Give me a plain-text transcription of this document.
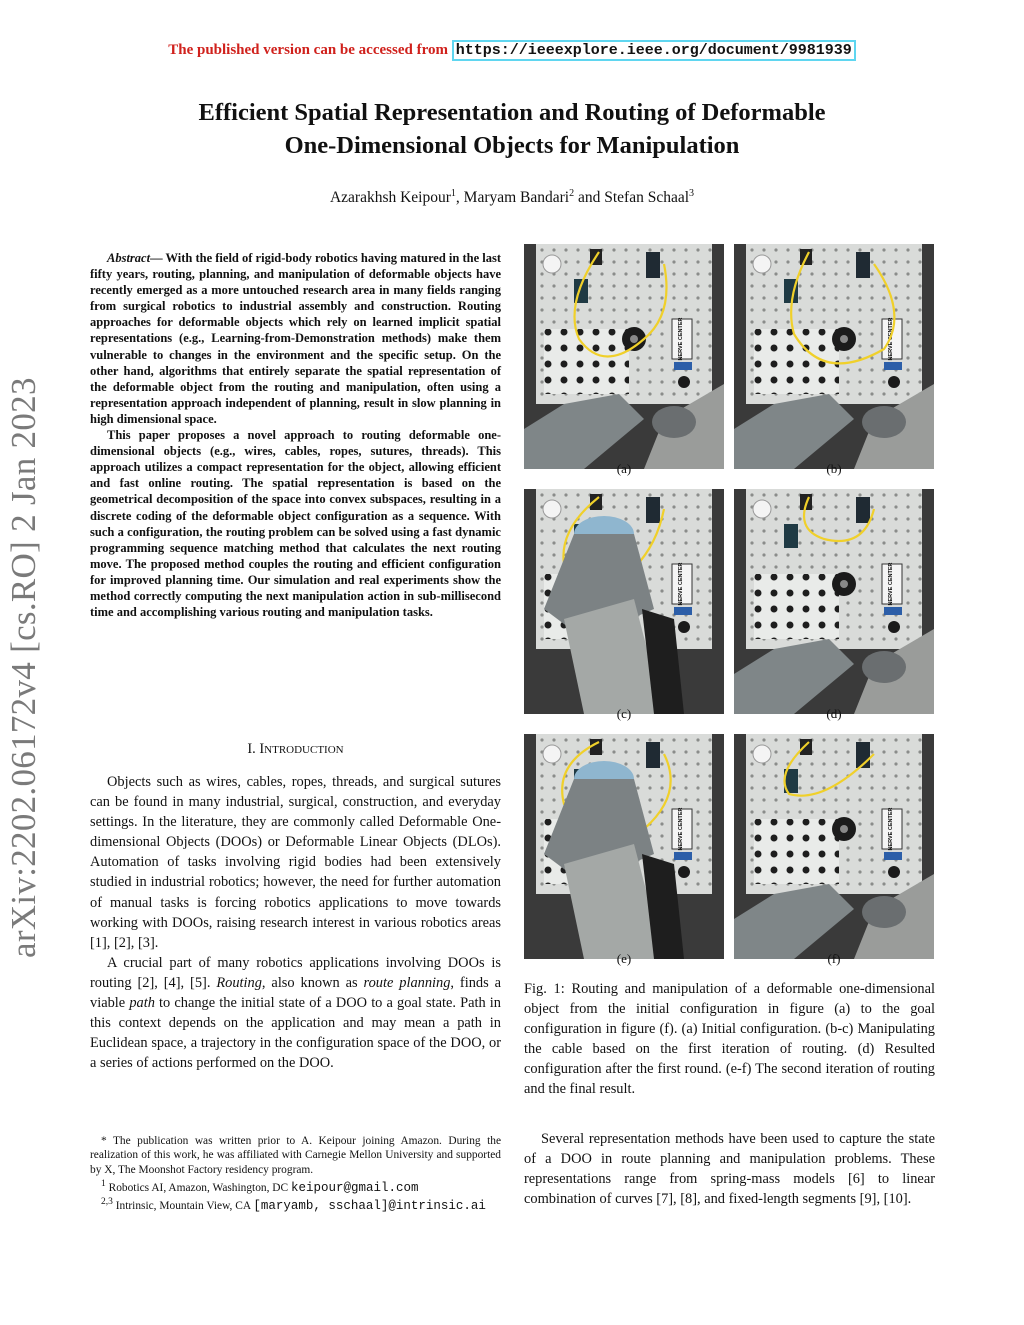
The published version can be accessed from https://ieeexplore.ieee.org/document/9981939
Efficient Spatial Representation and Routing of Deformable
One-Dimensional Objects for Manipulation
Azarakhsh Keipour$^1$, Maryam Bandari$^2$ and Stefan Schaal$^3$
arXiv:2202.06172v4 [cs.RO] 2 Jan 2023

Abstract— With the field of rigid-body robotics having matured in the last fifty years, routing, planning, and manipulation of deformable objects have recently emerged as a more untouched research area in many fields ranging from surgical robotics to industrial assembly and construction. Routing approaches for deformable objects which rely on learned implicit spatial representations (e.g., Learning-from-Demonstration methods) make them vulnerable to changes in the environment and the specific setup. On the other hand, algorithms that entirely separate the spatial representation of the deformable object from the routing and manipulation, often using a representation approach independent of planning, result in slow planning in high dimensional space.

This paper proposes a novel approach to routing deformable one-dimensional objects (e.g., wires, cables, ropes, sutures, threads). This approach utilizes a compact representation for the object, allowing efficient and fast online routing. The spatial representation is based on the geometrical decomposition of the space into convex subspaces, resulting in a discrete coding of the deformable object configuration as a sequence. With such a configuration, the routing problem can be solved using a fast dynamic programming sequence matching method that calculates the next routing move. The proposed method couples the routing and efficient configuration for improved planning time. Our simulation and real experiments show the method correctly computing the next manipulation action in sub-millisecond time and accomplishing various routing and manipulation tasks.

I. INTRODUCTION

Objects such as wires, cables, ropes, threads, and surgical sutures can be found in many industrial, surgical, construction, and everyday settings. In the literature, they are commonly called Deformable One-dimensional Objects (DOOs) or Deformable Linear Objects (DLOs). Automation of tasks involving rigid bodies had been extensively studied in industrial robotics; however, the need for further automation of manual tasks is forcing robotics applications to move towards working with DOOs, raising research interest in various robotics areas [1], [2], [3].

A crucial part of many robotics applications involving DOOs is routing [2], [4], [5]. Routing, also known as route planning, finds a viable path to change the initial state of a DOO to a goal state. Path in this context depends on the application and may mean a path in Euclidean space, a trajectory in the configuration space of the DOO, or a series of actions performed on the DOO.

* The publication was written prior to A. Keipour joining Amazon. During the realization of this work, he was affiliated with Carnegie Mellon University and supported by X, The Moonshot Factory residency program.

$^1$ Robotics AI, Amazon, Washington, DC keipour@gmail.com

$^{2,3}$ Intrinsic, Mountain View, CA [maryamb, sschaal]@intrinsic.ai

NERVE CENTER
(a)
NERVE CENTER
(b)
NERVE CENTER
(c)
NERVE CENTER
(d)
NERVE CENTER
(e)
NERVE CENTER
(f)
Fig. 1: Routing and manipulation of a deformable one-dimensional object from the initial configuration in figure (a) to the goal configuration in figure (f). (a) Initial configuration. (b-c) Manipulating the cable based on the first iteration of routing. (d) Resulted configuration after the first round. (e-f) The second iteration of routing and the final result.

Several representation methods have been used to capture the state of a DOO in route planning and manipulation problems. These representations range from spring-mass models [6] to linear combination of curves [7], [8], and fixed-length segments [9], [10].
